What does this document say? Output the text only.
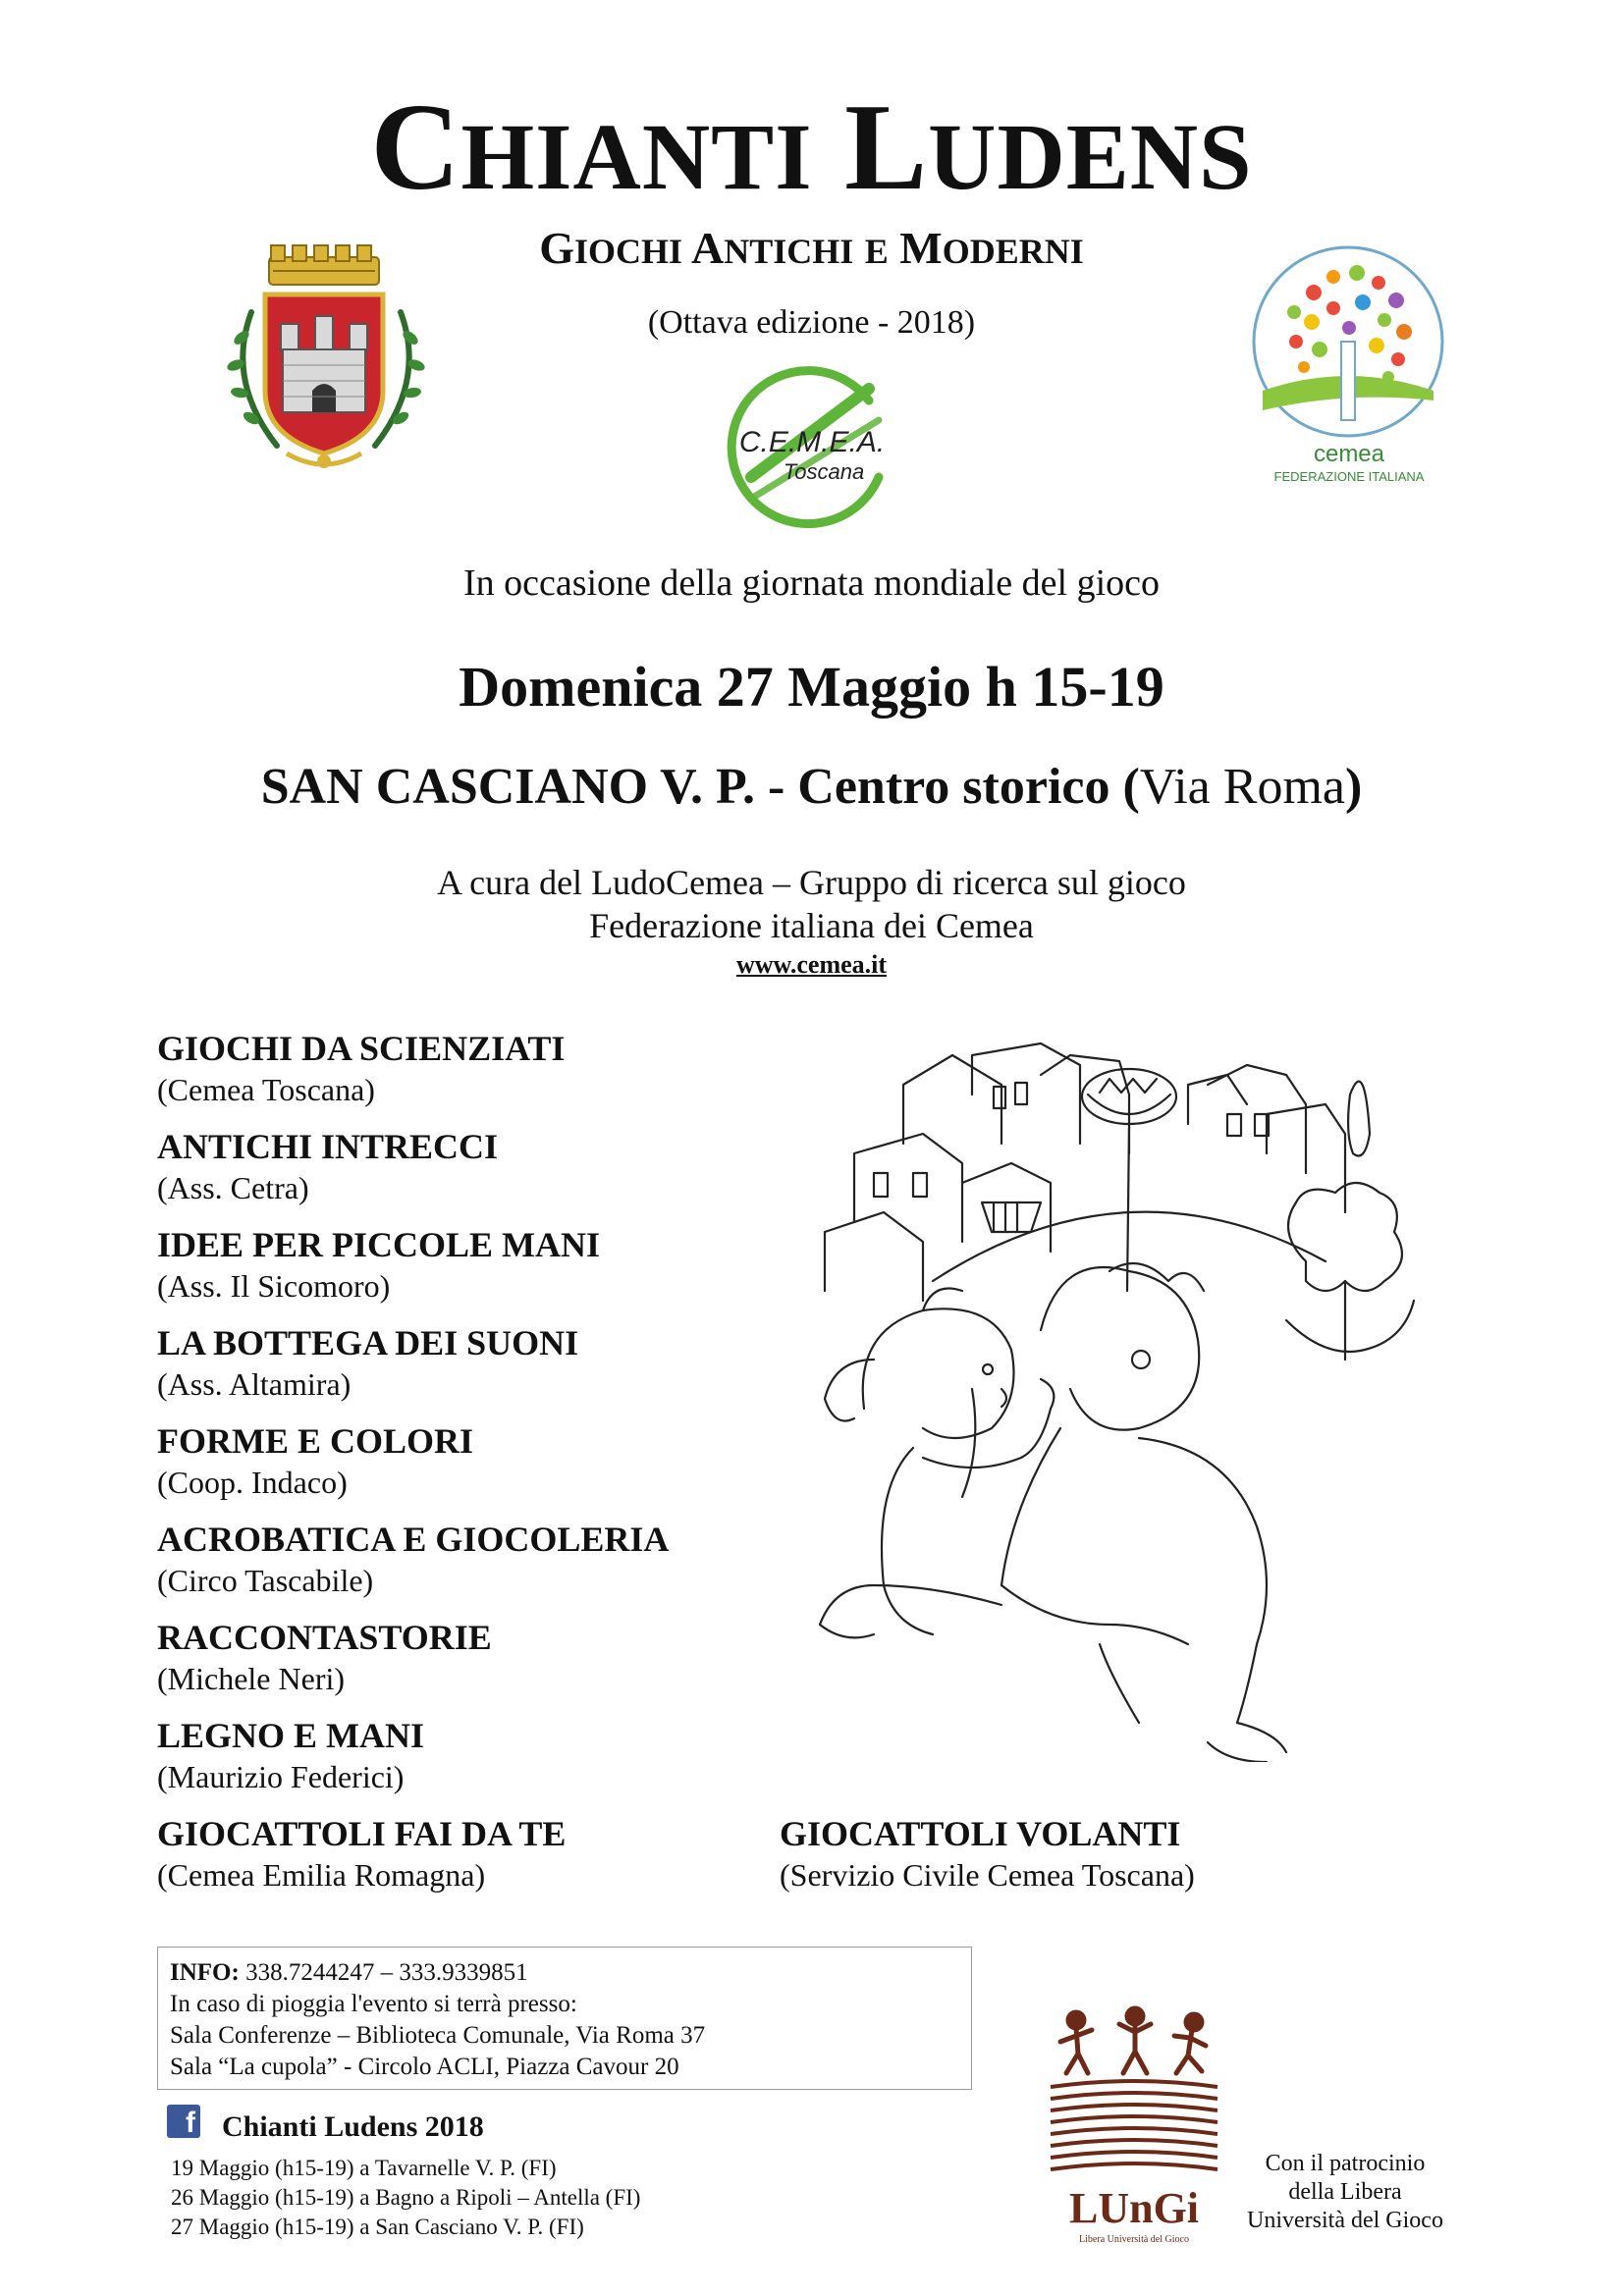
CHIANTI LUDENS
GIOCHI ANTICHI E MODERNI
(Ottava edizione - 2018)
C.E.M.E.A.
Toscana
cemea
FEDERAZIONE ITALIANA
In occasione della giornata mondiale del gioco
Domenica 27 Maggio h 15-19
SAN CASCIANO V. P. - Centro storico (Via Roma)
A cura del LudoCemea – Gruppo di ricerca sul gioco
Federazione italiana dei Cemea
www.cemea.it
GIOCHI DA SCIENZIATI
(Cemea Toscana)
ANTICHI INTRECCI
(Ass. Cetra)
IDEE PER PICCOLE MANI
(Ass. Il Sicomoro)
LA BOTTEGA DEI SUONI
(Ass. Altamira)
FORME E COLORI
(Coop. Indaco)
ACROBATICA E GIOCOLERIA
(Circo Tascabile)
RACCONTASTORIE
(Michele Neri)
LEGNO E MANI
(Maurizio Federici)
GIOCATTOLI FAI DA TE
(Cemea Emilia Romagna)
GIOCATTOLI VOLANTI
(Servizio Civile Cemea Toscana)
INFO: 338.7244247 – 333.9339851
In caso di pioggia l'evento si terrà presso:
Sala Conferenze – Biblioteca Comunale, Via Roma 37
Sala “La cupola” - Circolo ACLI, Piazza Cavour 20
f Chianti Ludens 2018
19 Maggio (h15-19) a Tavarnelle V. P. (FI)
26 Maggio (h15-19) a Bagno a Ripoli – Antella (FI)
27 Maggio (h15-19) a San Casciano V. P. (FI)	LUnGi
Libera Università del Gioco
Con il patrocinio
della Libera
Università del Gioco
